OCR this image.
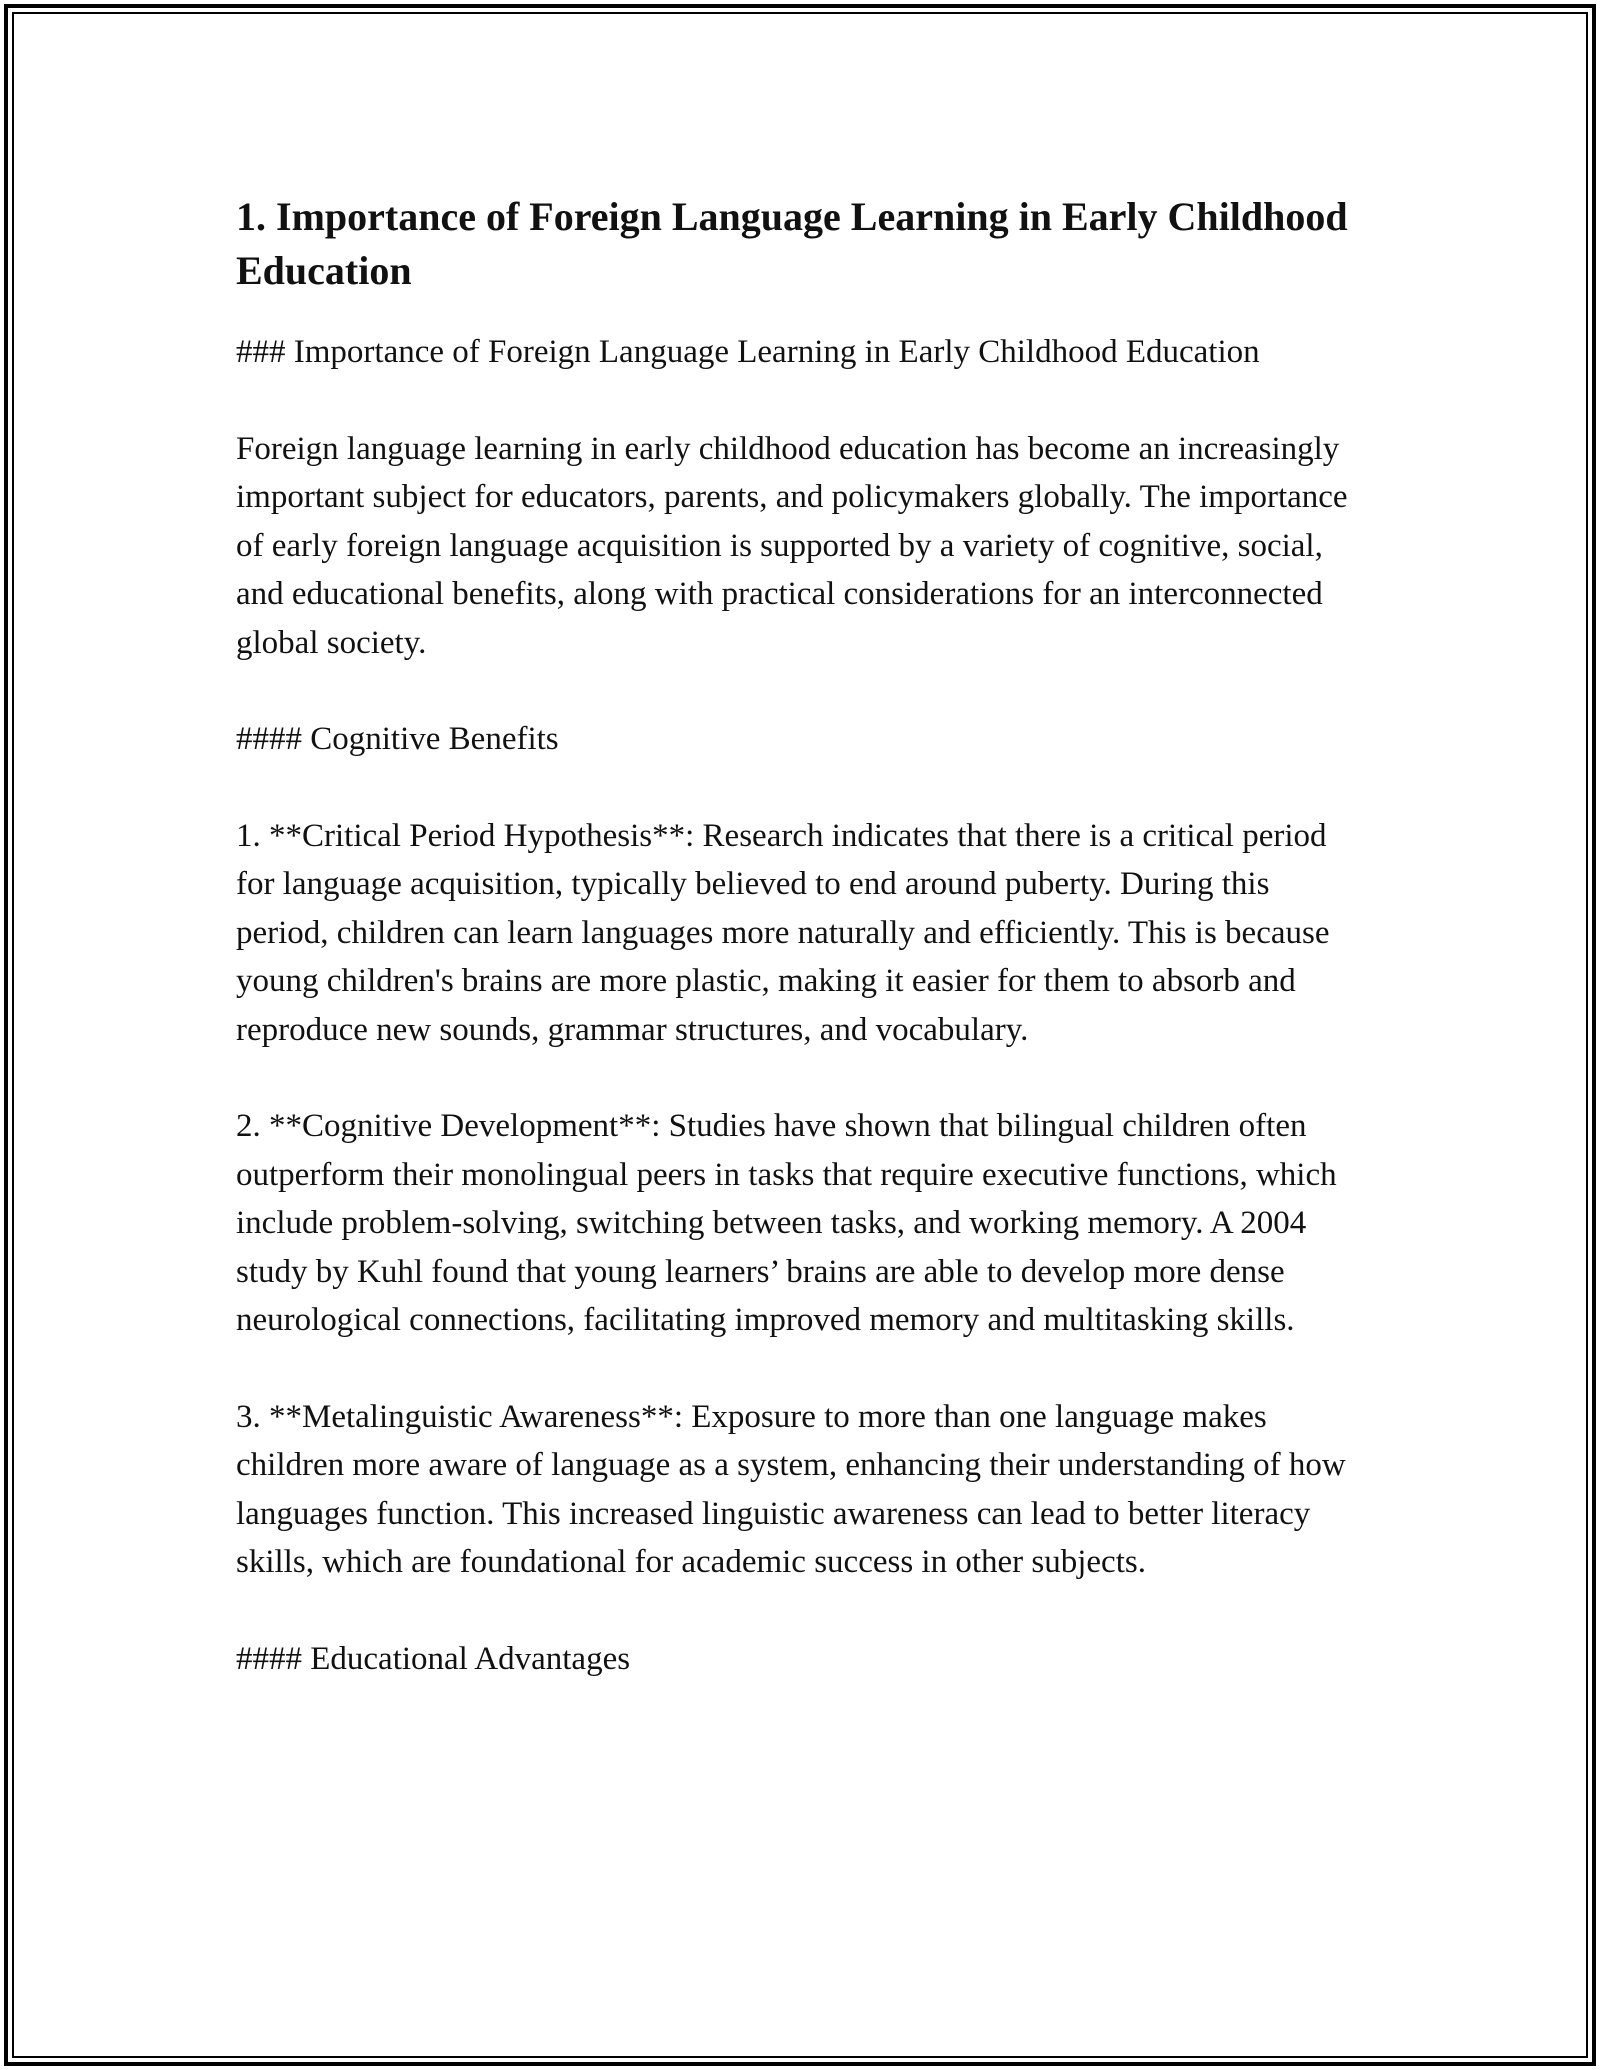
1. Importance of Foreign Language Learning in Early Childhood Education

### Importance of Foreign Language Learning in Early Childhood Education

Foreign language learning in early childhood education has become an increasingly important subject for educators, parents, and policymakers globally. The importance of early foreign language acquisition is supported by a variety of cognitive, social, and educational benefits, along with practical considerations for an interconnected global society.

#### Cognitive Benefits

1. **Critical Period Hypothesis**: Research indicates that there is a critical period for language acquisition, typically believed to end around puberty. During this period, children can learn languages more naturally and efficiently. This is because young children's brains are more plastic, making it easier for them to absorb and reproduce new sounds, grammar structures, and vocabulary.

2. **Cognitive Development**: Studies have shown that bilingual children often outperform their monolingual peers in tasks that require executive functions, which include problem-solving, switching between tasks, and working memory. A 2004 study by Kuhl found that young learners’ brains are able to develop more dense neurological connections, facilitating improved memory and multitasking skills.

3. **Metalinguistic Awareness**: Exposure to more than one language makes children more aware of language as a system, enhancing their understanding of how languages function. This increased linguistic awareness can lead to better literacy skills, which are foundational for academic success in other subjects.

#### Educational Advantages
